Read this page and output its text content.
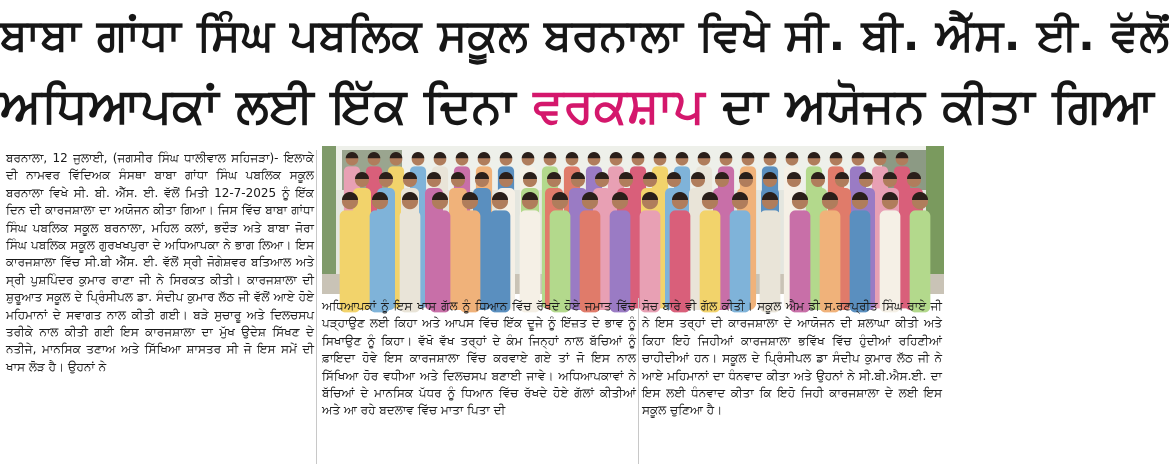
ਬਾਬਾ ਗਾਂਧਾ ਸਿੰਘ ਪਬਲਿਕ ਸਕੂਲ ਬਰਨਾਲਾ ਵਿਖੇ ਸੀ. ਬੀ. ਐੱਸ. ਈ. ਵੱਲੋਂ
ਅਧਿਆਪਕਾਂ ਲਈ ਇੱਕ ਦਿਨਾ ਵਰਕਸ਼ਾਪ ਦਾ ਅਯੋਜਨ ਕੀਤਾ ਗਿਆ
ਬਰਨਾਲਾ, 12 ਜੁਲਾਈ, (ਜਗਸੀਰ ਸਿੰਘ ਧਾਲੀਵਾਲ ਸਹਿਜੜਾ)- ਇਲਾਕੇ ਦੀ ਨਾਮਵਰ ਵਿੱਦਿਅਕ ਸੰਸਥਾ ਬਾਬਾ ਗਾਂਧਾ ਸਿੰਘ ਪਬਲਿਕ ਸਕੂਲ ਬਰਨਾਲਾ ਵਿਖੇ ਸੀ. ਬੀ. ਐੱਸ. ਈ. ਵੱਲੋਂ ਮਿਤੀ 12-7-2025 ਨੂੰ ਇੱਕ ਦਿਨ ਦੀ ਕਾਰਜਸ਼ਾਲਾ ਦਾ ਅਯੋਜਨ ਕੀਤਾ ਗਿਆ। ਜਿਸ ਵਿੱਚ ਬਾਬਾ ਗਾਂਧਾ ਸਿੰਘ ਪਬਲਿਕ ਸਕੂਲ ਬਰਨਾਲਾ, ਮਹਿਲ ਕਲਾਂ, ਭਦੌੜ ਅਤੇ ਬਾਬਾ ਜੋਰਾ ਸਿੰਘ ਪਬਲਿਕ ਸਕੂਲ ਗੁਰਖਖਪੁਰਾ ਦੇ ਅਧਿਆਪਕਾ ਨੇ ਭਾਗ ਲਿਆ। ਇਸ ਕਾਰਜਸ਼ਾਲਾ ਵਿੱਚ ਸੀ.ਬੀ ਐੱਸ. ਈ. ਵੱਲੋਂ ਸ੍ਰੀ ਜੋਗੇਸ਼ਵਰ ਬਤਿਆਲ ਅਤੇ ਸ੍ਰੀ ਪੁਸ਼ਪਿੰਦਰ ਕੁਮਾਰ ਰਾਣਾ ਜੀ ਨੇ ਸਿਰਕਤ ਕੀਤੀ। ਕਾਰਜਸ਼ਾਲਾ ਦੀ ਸ਼ੁਰੂਆਤ ਸਕੂਲ ਦੇ ਪ੍ਰਿੰਸੀਪਲ ਡਾ. ਸੰਦੀਪ ਕੁਮਾਰ ਲੱਠ ਜੀ ਵੱਲੋਂ ਆਏ ਹੋਏ ਮਹਿਮਾਨਾਂ ਦੇ ਸਵਾਗਤ ਨਾਲ ਕੀਤੀ ਗਈ। ਬੜੇ ਸੁਚਾਰੂ ਅਤੇ ਦਿਲਚਸਪ ਤਰੀਕੇ ਨਾਲ ਕੀਤੀ ਗਈ ਇਸ ਕਾਰਜਸ਼ਾਲਾ ਦਾ ਮੁੱਖ ਉਦੇਸ਼ ਸਿੱਖਣ ਦੇ ਨਤੀਜੇ, ਮਾਨਸਿਕ ਤਣਾਅ ਅਤੇ ਸਿੱਖਿਆ ਸ਼ਾਸਤਰ ਸੀ ਜੋ ਇਸ ਸਮੇਂ ਦੀ ਖਾਸ ਲੋੜ ਹੈ। ਉਹਨਾਂ ਨੇ
ਅਧਿਆਪਕਾਂ ਨੂੰ ਇਸ ਖਾਸ ਗੱਲ ਨੂੰ ਧਿਆਨ ਵਿੱਚ ਰੱਖਦੇ ਹੋਏ ਜਮਾਤ ਵਿੱਚ ਪੜ੍ਹਾਉਣ ਲਈ ਕਿਹਾ ਅਤੇ ਆਪਸ ਵਿੱਚ ਇੱਕ ਦੂਜੇ ਨੂੰ ਇੱਜ਼ਤ ਦੇ ਭਾਵ ਨੂੰ ਸਿਖਾਉਣ ਨੂੰ ਕਿਹਾ। ਵੱਖੋ ਵੱਖ ਤਰ੍ਹਾਂ ਦੇ ਕੰਮ ਜਿਨ੍ਹਾਂ ਨਾਲ ਬੱਚਿਆਂ ਨੂੰ ਫ਼ਾਇਦਾ ਹੋਵੇ ਇਸ ਕਾਰਜਸ਼ਾਲਾ ਵਿੱਚ ਕਰਵਾਏ ਗਏ ਤਾਂ ਜੋ ਇਸ ਨਾਲ ਸਿੱਖਿਆ ਹੋਰ ਵਧੀਆ ਅਤੇ ਦਿਲਚਸਪ ਬਣਾਈ ਜਾਵੇ। ਅਧਿਆਪਕਾਵਾਂ ਨੇ ਬੱਚਿਆਂ ਦੇ ਮਾਨਸਿਕ ਪੱਧਰ ਨੂੰ ਧਿਆਨ ਵਿੱਚ ਰੱਖਦੇ ਹੋਏ ਗੱਲਾਂ ਕੀਤੀਆਂ ਅਤੇ ਆ ਰਹੇ ਬਦਲਾਵ ਵਿੱਚ ਮਾਤਾ ਪਿਤਾ ਦੀ
ਸੋਚ ਬਾਰੇ ਵੀ ਗੱਲ ਕੀਤੀ। ਸਕੂਲ ਐਮ ਡੀ ਸ.ਰਣਪ੍ਰੀਤ ਸਿੰਘ ਰਾਏ ਜੀ ਨੇ ਇਸ ਤਰ੍ਹਾਂ ਦੀ ਕਾਰਜਸ਼ਾਲਾ ਦੇ ਆਯੋਜਨ ਦੀ ਸ਼ਲਾਘਾ ਕੀਤੀ ਅਤੇ ਕਿਹਾ ਇਹੋ ਜਿਹੀਆਂ ਕਾਰਜਸ਼ਾਲਾ ਭਵਿੱਖ ਵਿੱਚ ਹੁੰਦੀਆਂ ਰਹਿਣੀਆਂ ਚਾਹੀਦੀਆਂ ਹਨ। ਸਕੂਲ ਦੇ ਪ੍ਰਿੰਸੀਪਲ ਡਾ ਸੰਦੀਪ ਕੁਮਾਰ ਲੱਠ ਜੀ ਨੇ ਆਏ ਮਹਿਮਾਨਾਂ ਦਾ ਧੰਨਵਾਦ ਕੀਤਾ ਅਤੇ ਉਹਨਾਂ ਨੇ ਸੀ.ਬੀ.ਐਸ.ਈ. ਦਾ ਇਸ ਲਈ ਧੰਨਵਾਦ ਕੀਤਾ ਕਿ ਇਹੋ ਜਿਹੀ ਕਾਰਜਸ਼ਾਲਾ ਦੇ ਲਈ ਇਸ ਸਕੂਲ ਚੁਣਿਆ ਹੈ।
